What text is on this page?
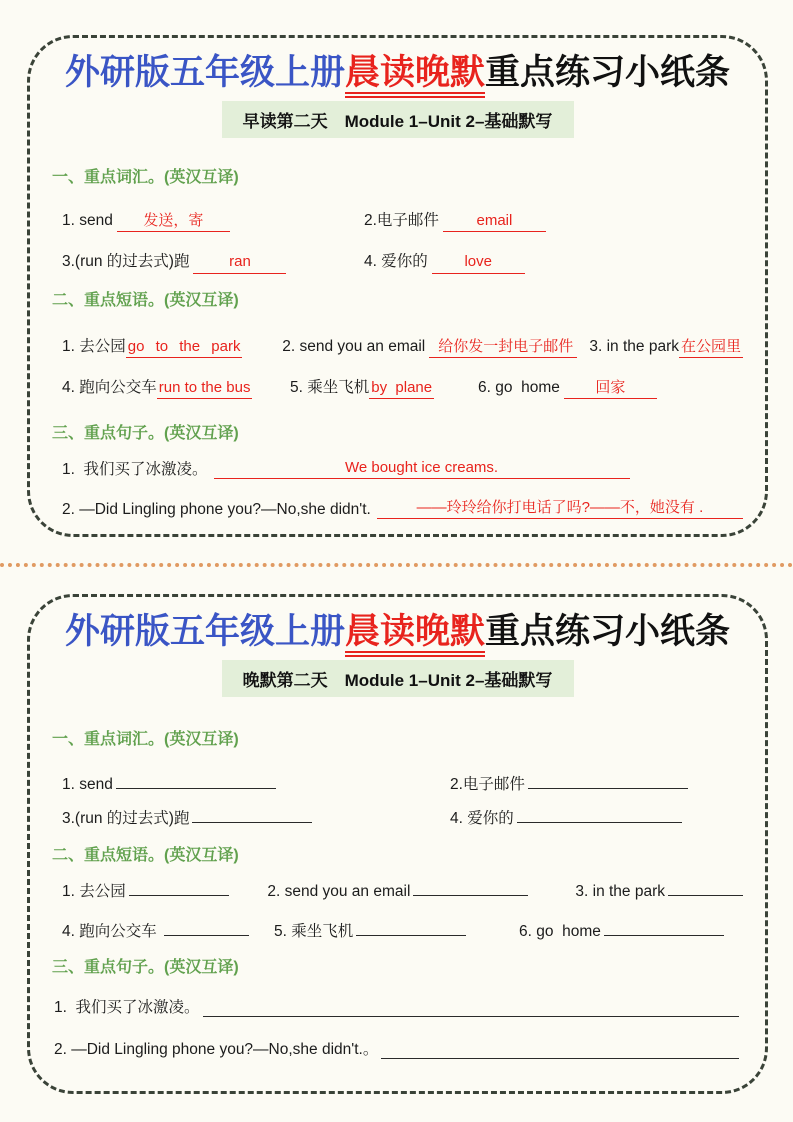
外研版五年级上册晨读晚默重点练习小纸条
早读第二天　Module 1–Unit 2–基础默写
一、重点词汇。(英汉互译)
1. send 发送，寄	2.电子邮件	email
3.(run 的过去式)跑	ran	4. 爱你的 love
二、重点短语。(英汉互译)
1. 去公园 go to the park	2. send you an email 给你发一封电子邮件	3. in the park 在公园里
4. 跑向公交车 run to the bus	5. 乘坐飞机 by  plane	6. go  home 回家
三、重点句子。(英汉互译)
1.  我们买了冰激凌。	We bought ice creams.
2. —Did Lingling phone you?—No,she didn't.	——玲玲给你打电话了吗?——不，她没有 .
外研版五年级上册晨读晚默重点练习小纸条
晚默第二天　Module 1–Unit 2–基础默写
一、重点词汇。(英汉互译)
1. send	2.电子邮件
3.(run 的过去式)跑	4. 爱你的
二、重点短语。(英汉互译)
1. 去公园	2. send you an email	3. in the park
4. 跑向公交车	5. 乘坐飞机	6. go  home
三、重点句子。(英汉互译)
1.  我们买了冰激凌。
2. —Did Lingling phone you?—No,she didn't.。
